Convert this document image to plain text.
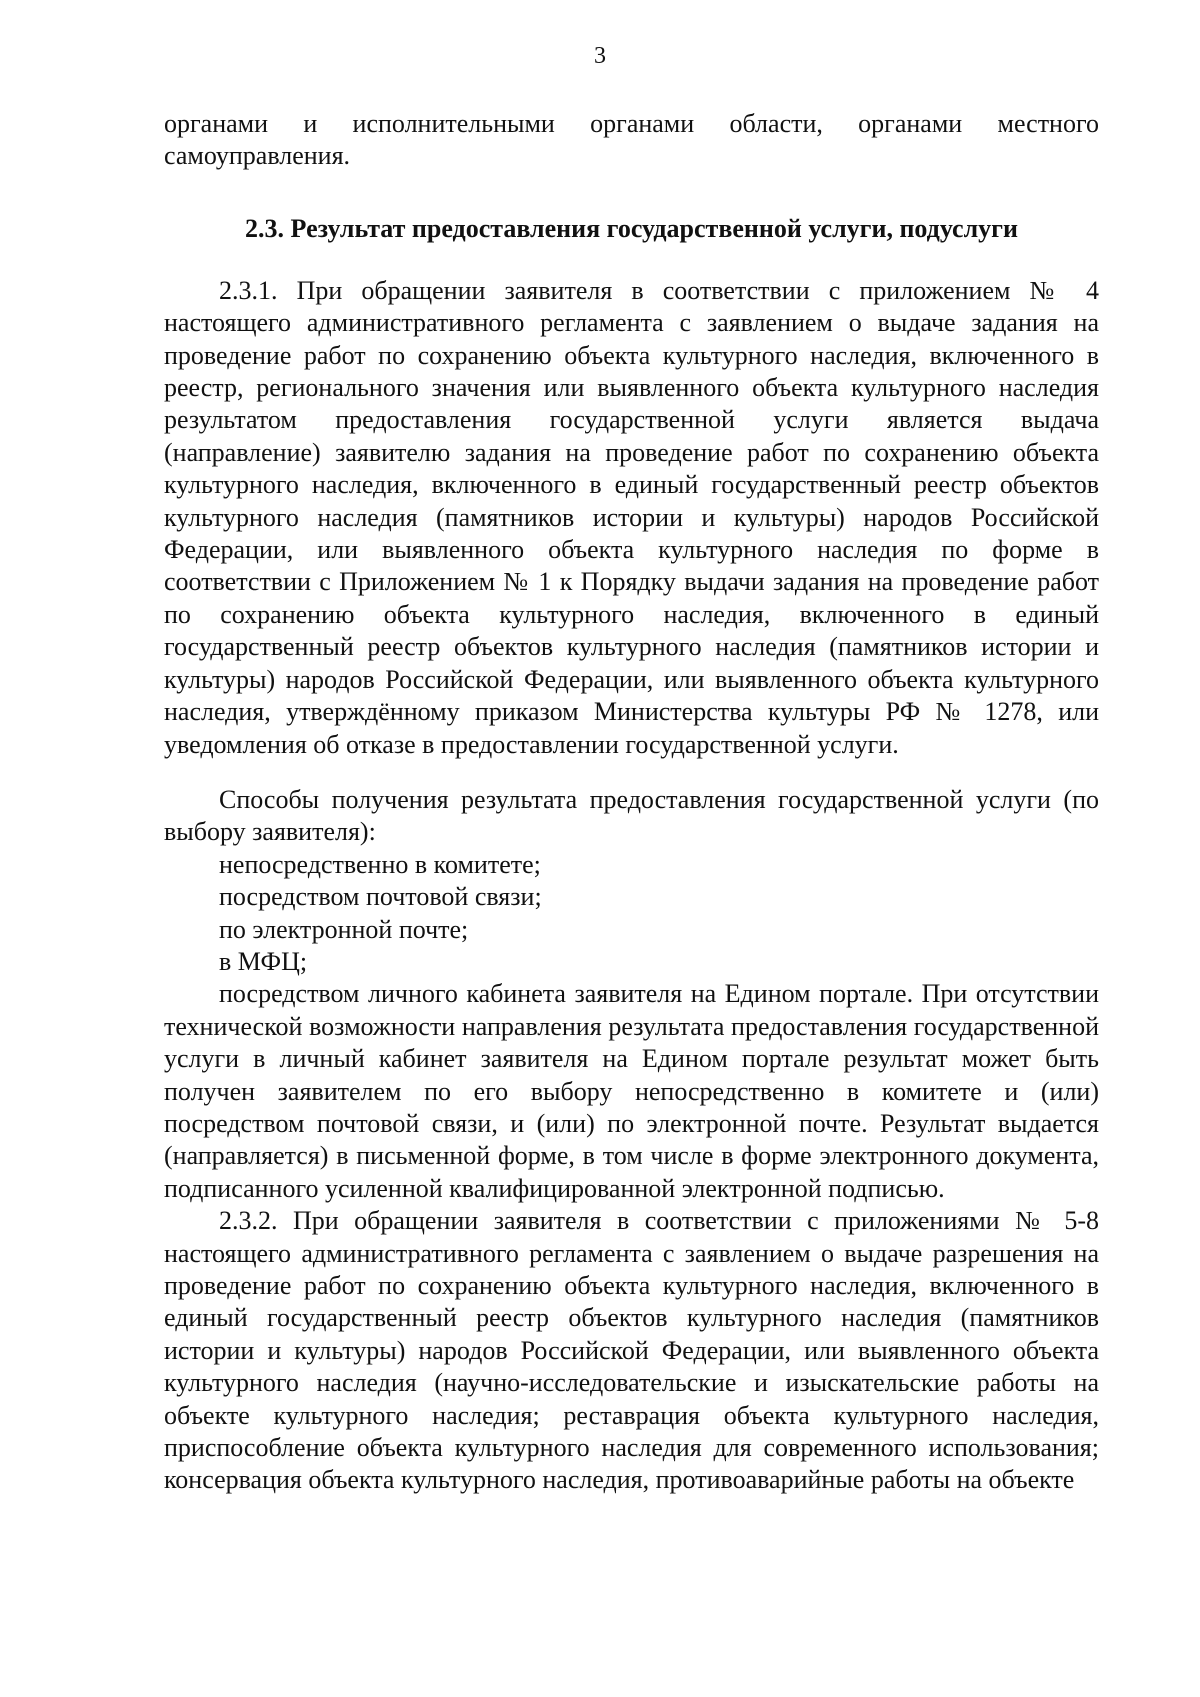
3

органами и исполнительными органами области, органами местного самоуправления.

2.3. Результат предоставления государственной услуги, подуслуги

2.3.1. При обращении заявителя в соответствии с приложением № 4 настоящего административного регламента с заявлением о выдаче задания на проведение работ по сохранению объекта культурного наследия, включенного в реестр, регионального значения или выявленного объекта культурного наследия результатом предоставления государственной услуги является выдача (направление) заявителю задания на проведение работ по сохранению объекта культурного наследия, включенного в единый государственный реестр объектов культурного наследия (памятников истории и культуры) народов Российской Федерации, или выявленного объекта культурного наследия по форме в соответствии с Приложением № 1 к Порядку выдачи задания на проведение работ по сохранению объекта культурного наследия, включенного в единый государственный реестр объектов культурного наследия (памятников истории и культуры) народов Российской Федерации, или выявленного объекта культурного наследия, утверждённому приказом Министерства культуры РФ № 1278, или уведомления об отказе в предоставлении государственной услуги.

Способы получения результата предоставления государственной услуги (по выбору заявителя):

непосредственно в комитете;

посредством почтовой связи;

по электронной почте;

в МФЦ;

посредством личного кабинета заявителя на Едином портале. При отсутствии технической возможности направления результата предоставления государственной услуги в личный кабинет заявителя на Едином портале результат может быть получен заявителем по его выбору непосредственно в комитете и (или) посредством почтовой связи, и (или) по электронной почте. Результат выдается (направляется) в письменной форме, в том числе в форме электронного документа, подписанного усиленной квалифицированной электронной подписью.

2.3.2. При обращении заявителя в соответствии с приложениями № 5-8 настоящего административного регламента с заявлением о выдаче разрешения на проведение работ по сохранению объекта культурного наследия, включенного в единый государственный реестр объектов культурного наследия (памятников истории и культуры) народов Российской Федерации, или выявленного объекта культурного наследия (научно-исследовательские и изыскательские работы на объекте культурного наследия; реставрация объекта культурного наследия, приспособление объекта культурного наследия для современного использования; консервация объекта культурного наследия, противоаварийные работы на объекте
